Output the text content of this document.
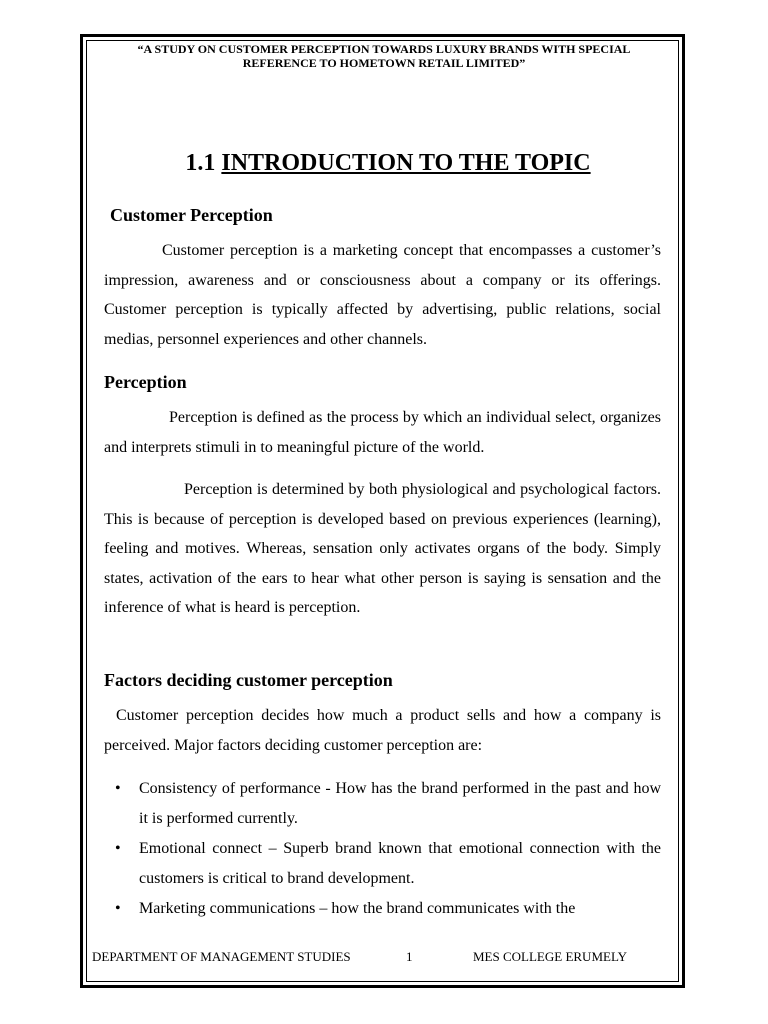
“A STUDY ON CUSTOMER PERCEPTION TOWARDS LUXURY BRANDS WITH SPECIAL
REFERENCE TO HOMETOWN RETAIL LIMITED”
1.1 INTRODUCTION TO THE TOPIC
Customer Perception

Customer perception is a marketing concept that encompasses a customer’s impression, awareness and or consciousness about a company or its offerings. Customer perception is typically affected by advertising, public relations, social medias, personnel experiences and other channels.

Perception

Perception is defined as the process by which an individual select, organizes and interprets stimuli in to meaningful picture of the world.

Perception is determined by both physiological and psychological factors. This is because of perception is developed based on previous experiences (learning), feeling and motives. Whereas, sensation only activates organs of the body. Simply states, activation of the ears to hear what other person is saying is sensation and the inference of what is heard is perception.

Factors deciding customer perception

Customer perception decides how much a product sells and how a company is perceived. Major factors deciding customer perception are:

• Consistency of performance - How has the brand performed in the past and how it is performed currently.
• Emotional connect – Superb brand known that emotional connection with the customers is critical to brand development.
• Marketing communications – how the brand communicates with the
DEPARTMENT OF MANAGEMENT STUDIES	1	MES COLLEGE ERUMELY
